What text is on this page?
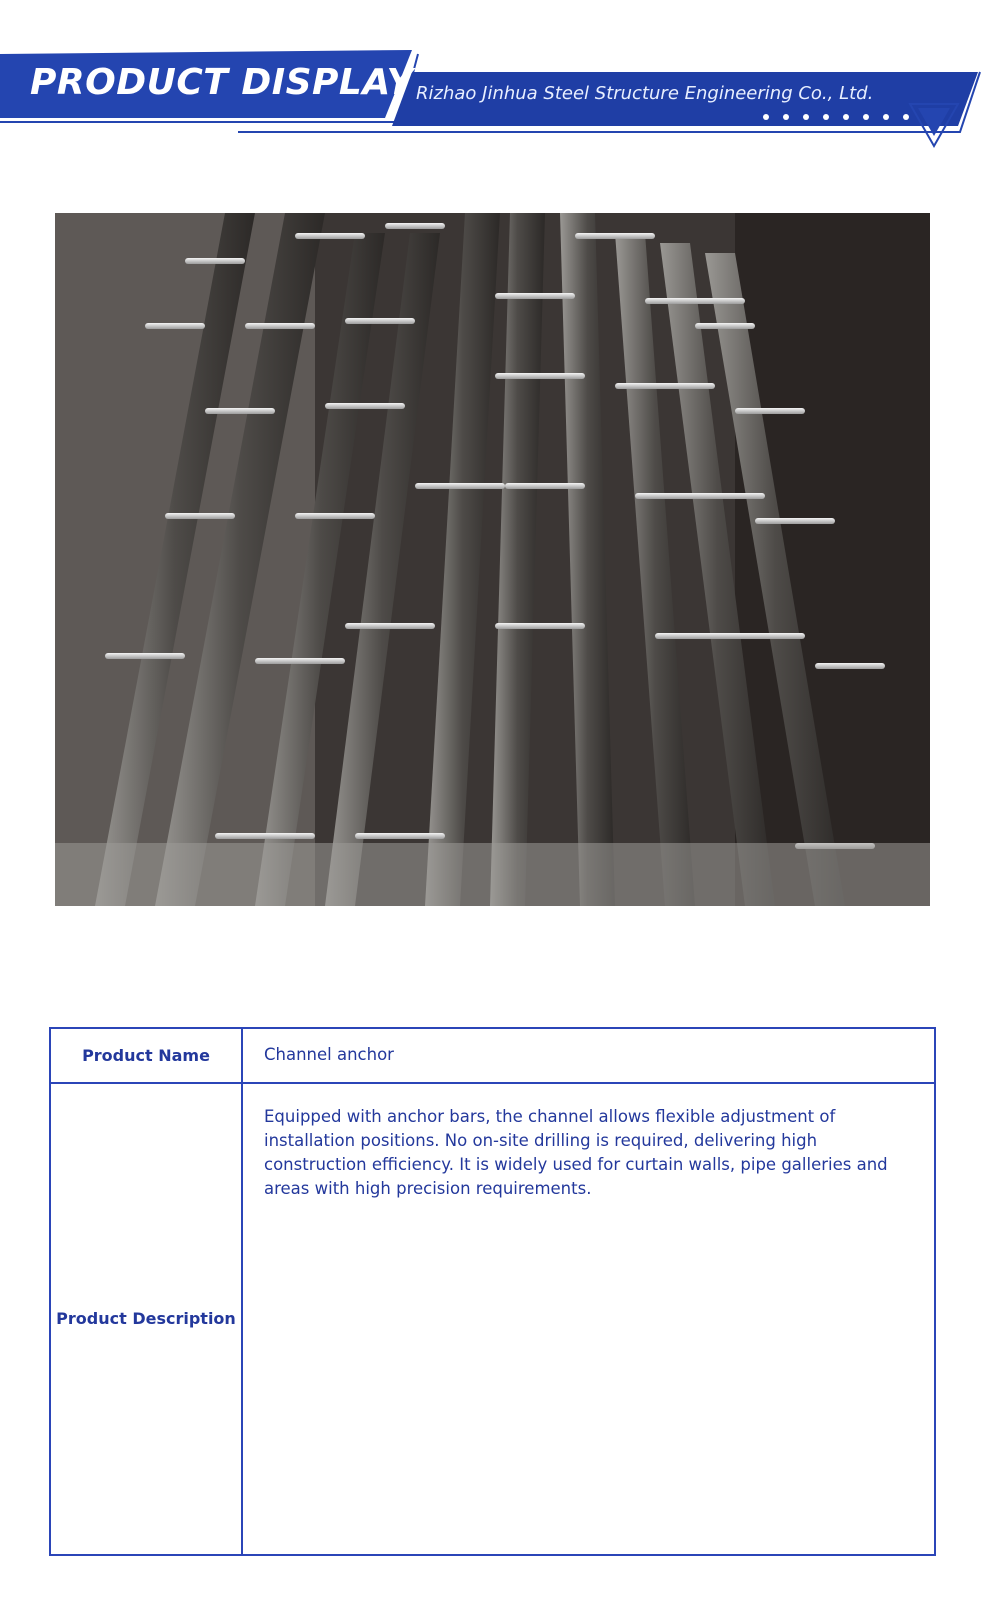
PRODUCT DISPLAY Rizhao Jinhua Steel Structure Engineering Co., Ltd.
Product Name	Channel anchor
Product Description
Equipped with anchor bars, the channel allows flexible adjustment of installation positions. No on-site drilling is required, delivering high construction efficiency. It is widely used for curtain walls, pipe galleries and areas with high precision requirements.
